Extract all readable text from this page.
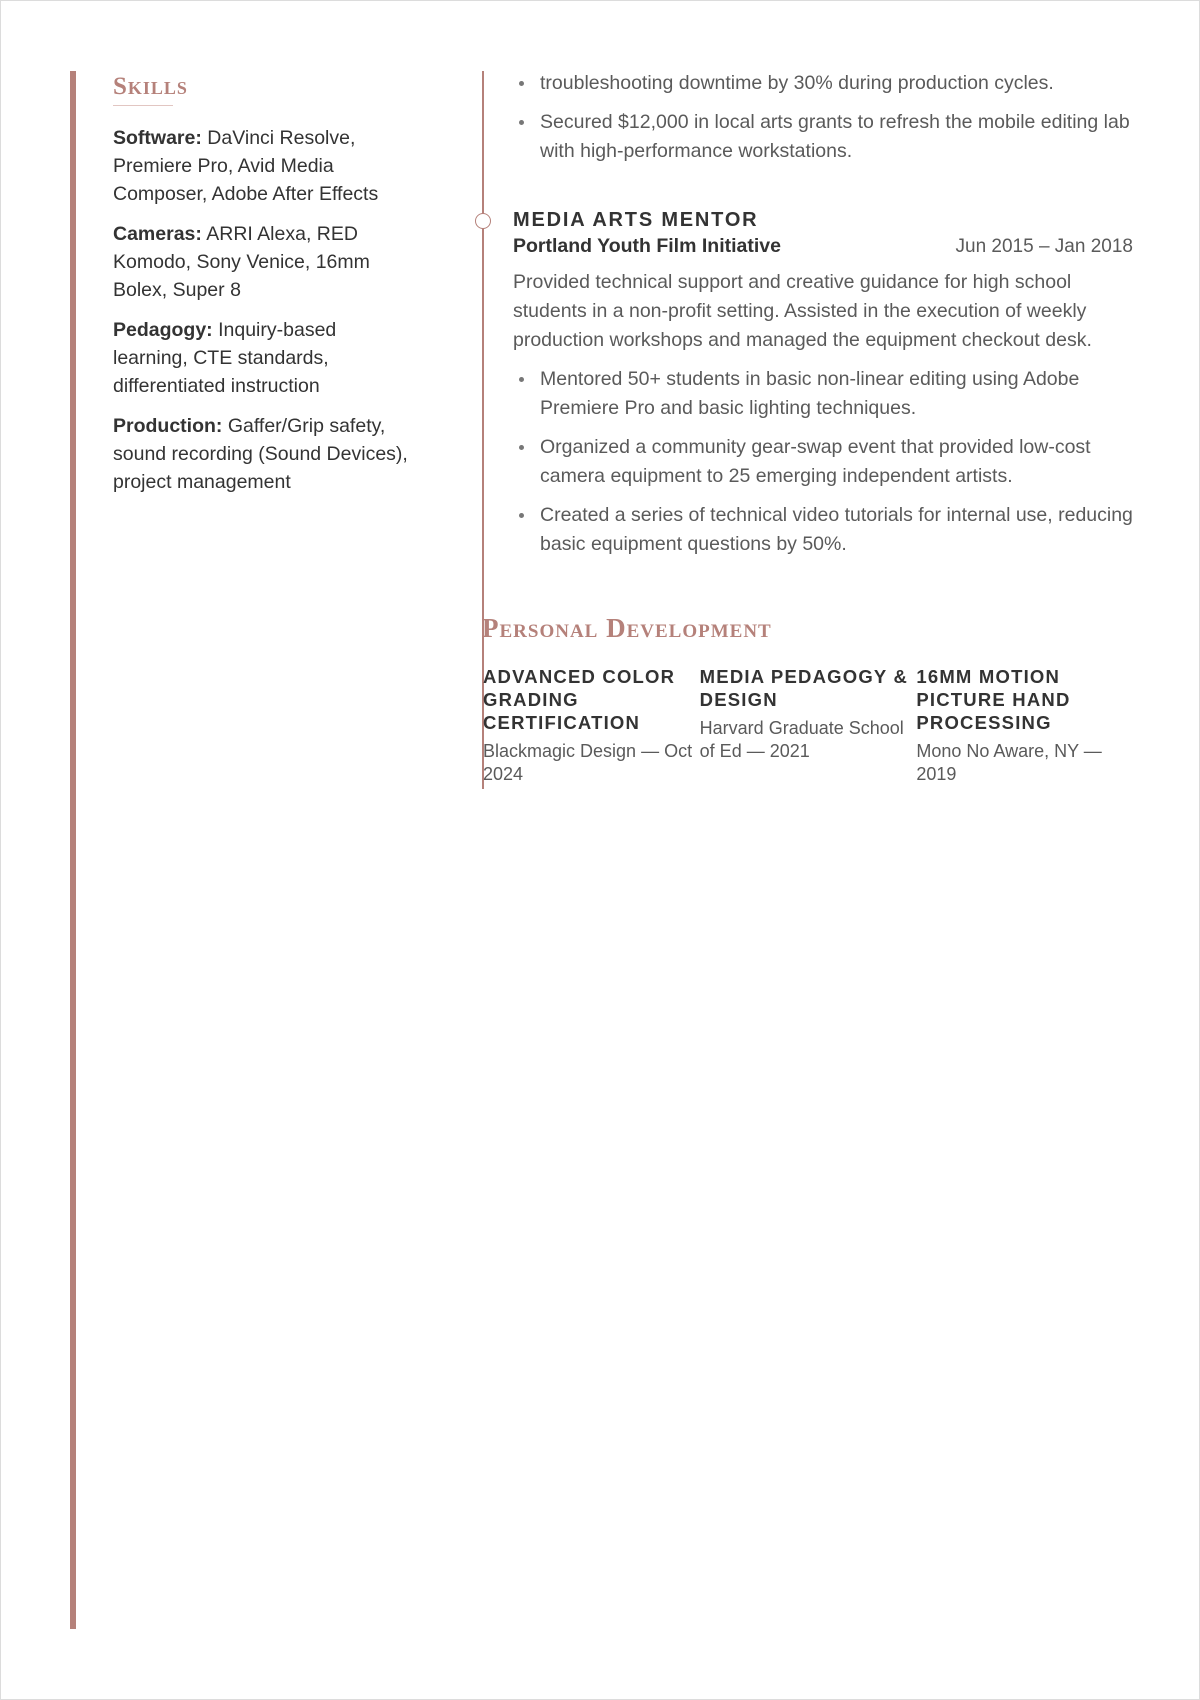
Skills

Software: DaVinci Resolve, Premiere Pro, Avid Media Composer, Adobe After Effects

Cameras: ARRI Alexa, RED Komodo, Sony Venice, 16mm Bolex, Super 8

Pedagogy: Inquiry-based learning, CTE standards, differentiated instruction

Production: Gaffer/Grip safety, sound recording (Sound Devices), project management

troubleshooting downtime by 30% during production cycles.
Secured $12,000 in local arts grants to refresh the mobile editing lab with high-performance workstations.
MEDIA ARTS MENTOR
Portland Youth Film Initiative	Jun 2015 – Jan 2018

Provided technical support and creative guidance for high school students in a non-profit setting. Assisted in the execution of weekly production workshops and managed the equipment checkout desk.

Mentored 50+ students in basic non-linear editing using Adobe Premiere Pro and basic lighting techniques.
Organized a community gear-swap event that provided low-cost camera equipment to 25 emerging independent artists.
Created a series of technical video tutorials for internal use, reducing basic equipment questions by 50%.
Personal Development
ADVANCED COLOR GRADING CERTIFICATION
Blackmagic Design — Oct 2024
MEDIA PEDAGOGY & DESIGN
Harvard Graduate School of Ed — 2021
16MM MOTION PICTURE HAND PROCESSING
Mono No Aware, NY — 2019
